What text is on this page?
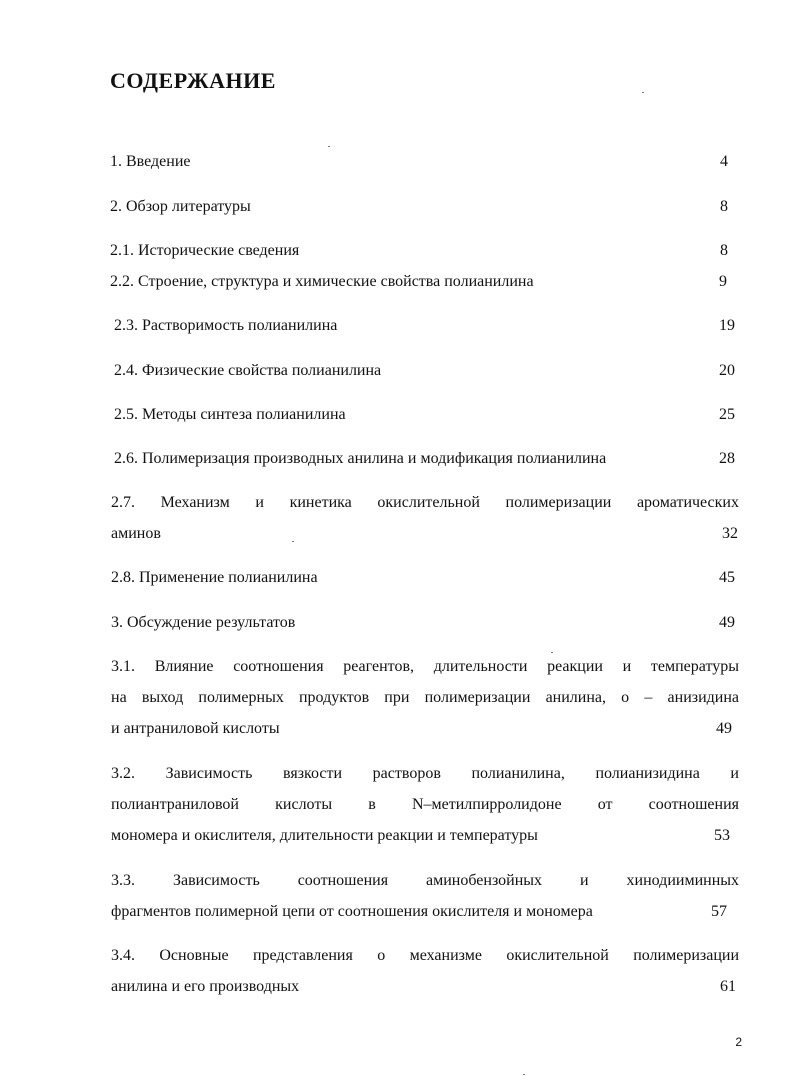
СОДЕРЖАНИЕ
1. Введение	4
2. Обзор литературы	8
2.1. Исторические сведения	8
2.2. Строение, структура и химические свойства полианилина	9
2.3. Растворимость полианилина	19
2.4. Физические свойства полианилина	20
2.5. Методы синтеза полианилина	25
2.6. Полимеризация производных анилина и модификация полианилина	28
2.7. Механизм и кинетика окислительной полимеризации ароматических
аминов	32
2.8. Применение полианилина	45
3. Обсуждение результатов	49
3.1. Влияние соотношения реагентов, длительности реакции и температуры
на выход полимерных продуктов при полимеризации анилина, о – анизидина
и антраниловой кислоты	49
3.2. Зависимость вязкости растворов полианилина, полианизидина и
полиантраниловой кислоты в N–метилпирролидоне от соотношения
мономера и окислителя, длительности реакции и температуры	53
3.3. Зависимость соотношения аминобензойных и хинодииминных
фрагментов полимерной цепи от соотношения окислителя и мономера	57
3.4. Основные представления о механизме окислительной полимеризации
анилина и его производных	61
2
